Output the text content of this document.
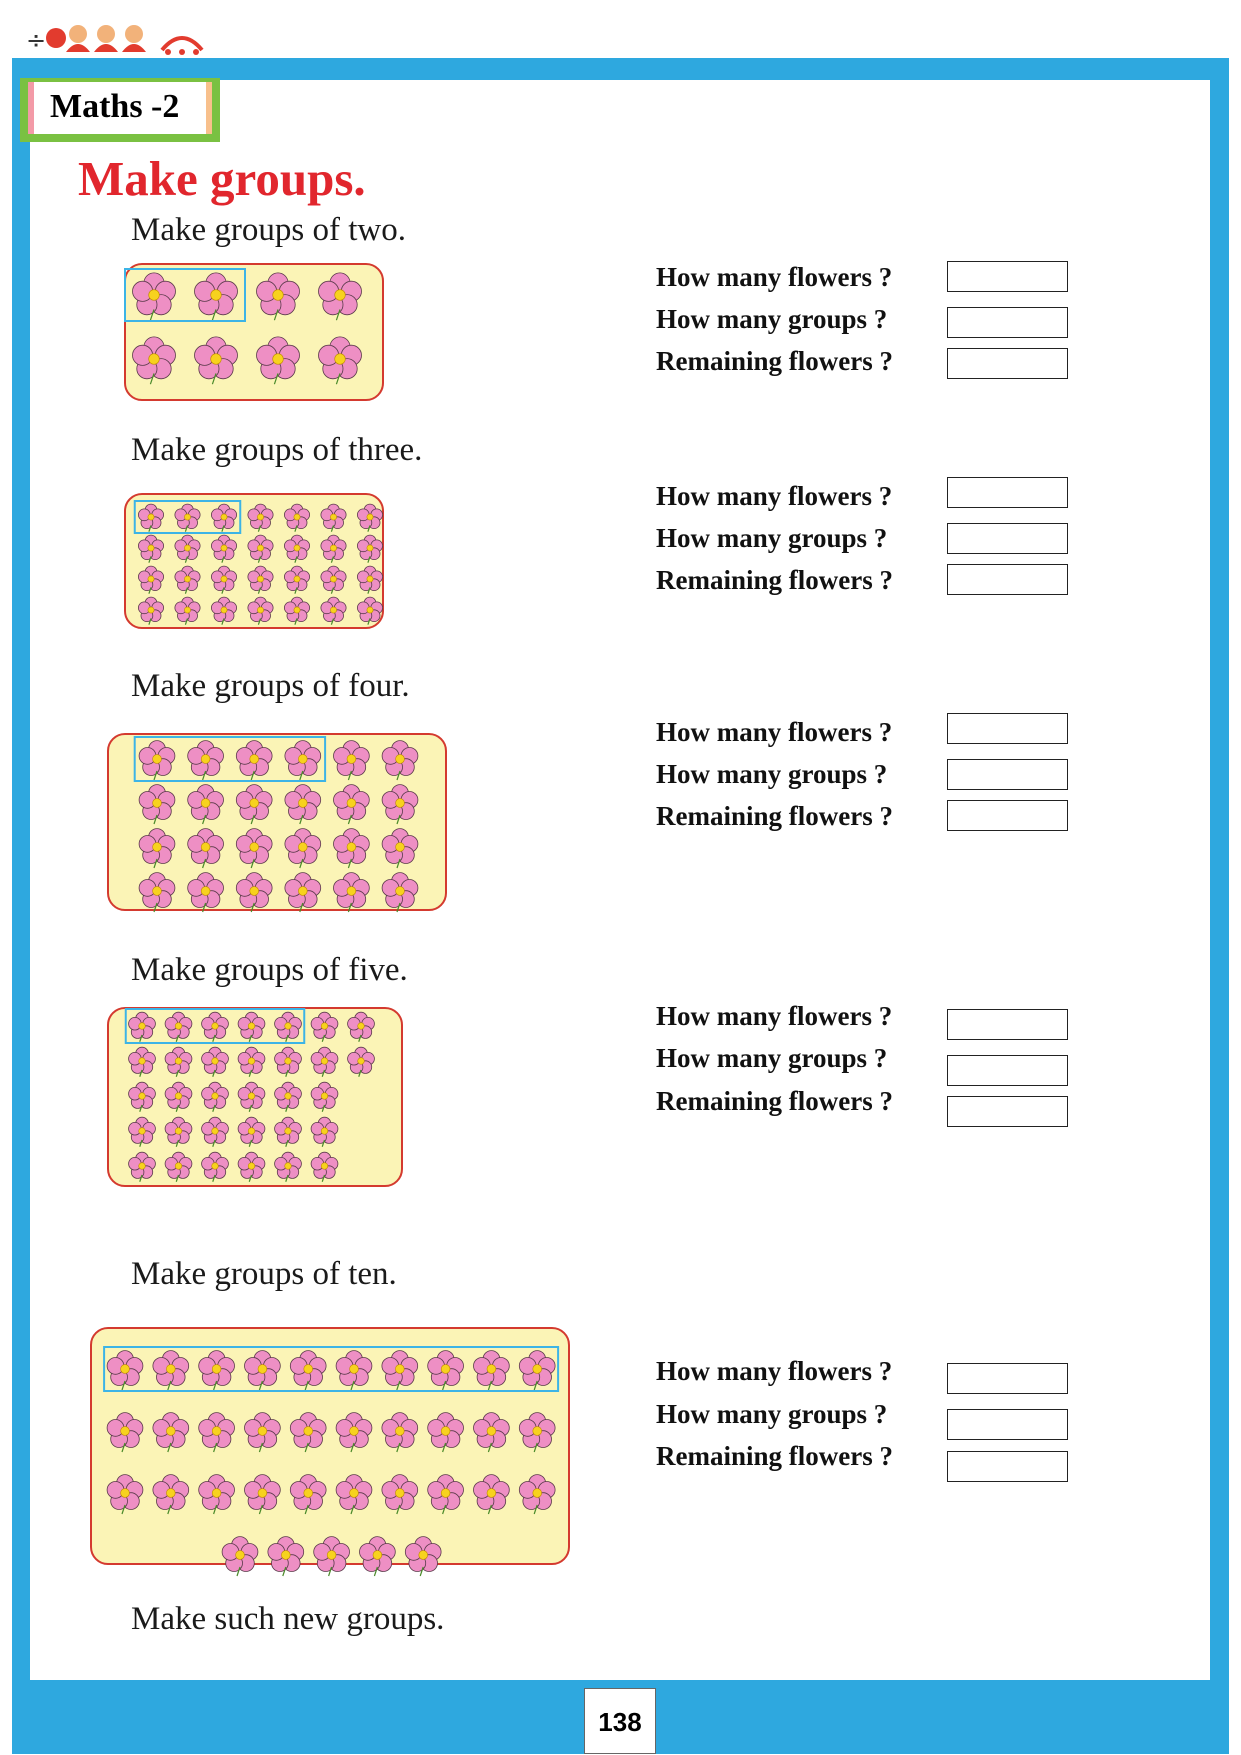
÷
Maths -2
Make groups.
Make groups of two.
How many flowers ?
How many groups ?
Remaining flowers ?
Make groups of three.
How many flowers ?
How many groups ?
Remaining flowers ?
Make groups of four.
How many flowers ?
How many groups ?
Remaining flowers ?
Make groups of five.
How many flowers ?
How many groups ?
Remaining flowers ?
Make groups of ten.
How many flowers ?
How many groups ?
Remaining flowers ?
Make such new groups.
138
